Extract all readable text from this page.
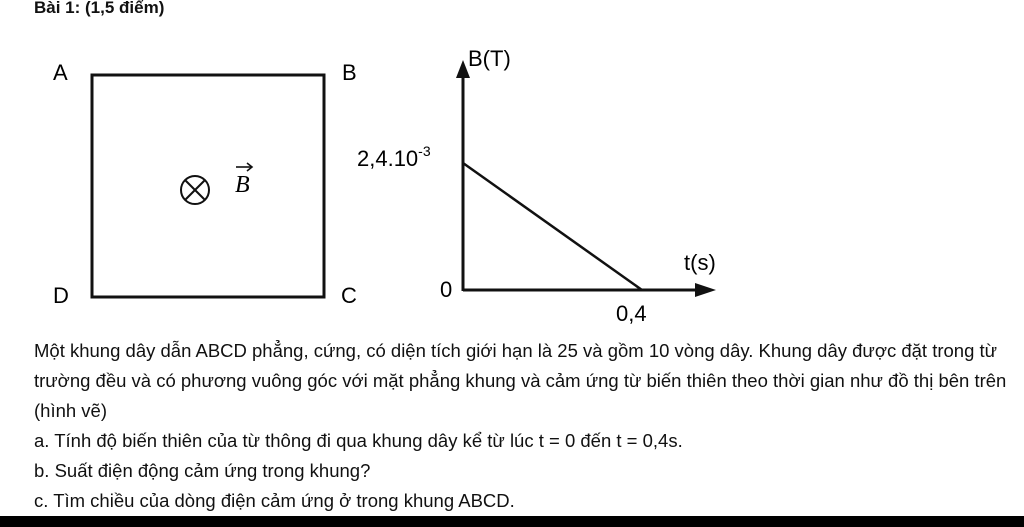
Bài 1: (1,5 điểm)
A	B
D	C
B
B(T)
t(s)
0
$2,4.10^{-3}$
0,4

Một khung dây dẫn ABCD phẳng, cứng, có diện tích giới hạn là 25 và gồm 10 vòng dây. Khung dây được đặt trong từ trường đều và có phương vuông góc với mặt phẳng khung và cảm ứng từ biến thiên theo thời gian như đồ thị bên trên (hình vẽ)

a. Tính độ biến thiên của từ thông đi qua khung dây kể từ lúc t = 0 đến t = 0,4s.

b. Suất điện động cảm ứng trong khung?

c. Tìm chiều của dòng điện cảm ứng ở trong khung ABCD.
